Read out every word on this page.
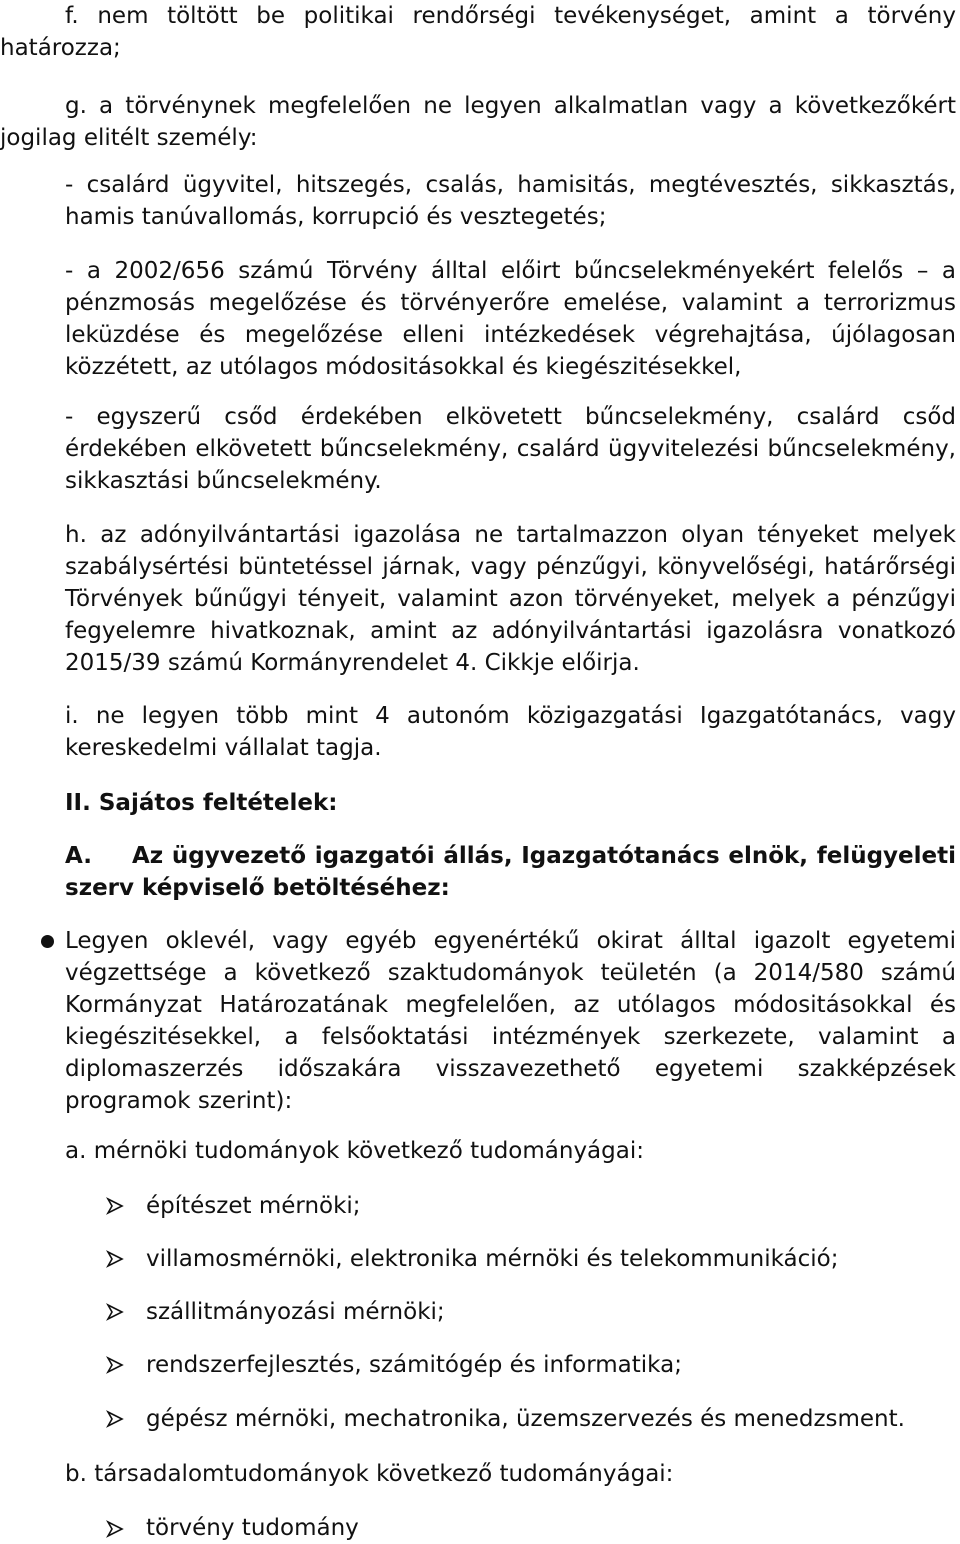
f. nem töltött be politikai rendőrségi tevékenységet, amint a törvény határozza;

g. a törvénynek megfelelően ne legyen alkalmatlan vagy a következőkért jogilag elitélt személy:

- csalárd ügyvitel, hitszegés, csalás, hamisitás, megtévesztés, sikkasztás, hamis tanúvallomás, korrupció és vesztegetés;

- a 2002/656 számú Törvény álltal előirt bűncselekményekért felelős – a pénzmosás megelőzése és törvényerőre emelése, valamint a terrorizmus leküzdése és megelőzése elleni intézkedések végrehajtása, újólagosan közzétett, az utólagos módositásokkal és kiegészitésekkel,

- egyszerű csőd érdekében elkövetett bűncselekmény, csalárd csőd érdekében elkövetett bűncselekmény, csalárd ügyvitelezési bűncselekmény, sikkasztási bűncselekmény.

h. az adónyilvántartási igazolása ne tartalmazzon olyan tényeket melyek szabálysértési büntetéssel járnak, vagy pénzűgyi, könyvelőségi, határőrségi Törvények bűnűgyi tényeit, valamint azon törvényeket, melyek a pénzűgyi fegyelemre hivatkoznak, amint az adónyilvántartási igazolásra vonatkozó 2015/39 számú Kormányrendelet 4. Cikkje előirja.

i. ne legyen több mint 4 autonóm közigazgatási Igazgatótanács, vagy kereskedelmi vállalat tagja.

II. Sajátos feltételek:

A.	Az ügyvezető igazgatói állás, Igazgatótanács elnök, felügyeleti szerv képviselő betöltéséhez:

Legyen oklevél, vagy egyéb egyenértékű okirat álltal igazolt egyetemi végzettsége a következő szaktudományok teületén (a 2014/580 számú Kormányzat Határozatának megfelelően, az utólagos módositásokkal és kiegészitésekkel, a felsőoktatási intézmények szerkezete, valamint a diplomaszerzés időszakára visszavezethető egyetemi szakképzések programok szerint):

a. mérnöki tudományok következő tudományágai:

építészet mérnöki;
villamosmérnöki, elektronika mérnöki és telekommunikáció;
szállitmányozási mérnöki;
rendszerfejlesztés, számitógép és informatika;
gépész mérnöki, mechatronika, üzemszervezés és menedzsment.

b. társadalomtudományok következő tudományágai:

törvény tudomány
